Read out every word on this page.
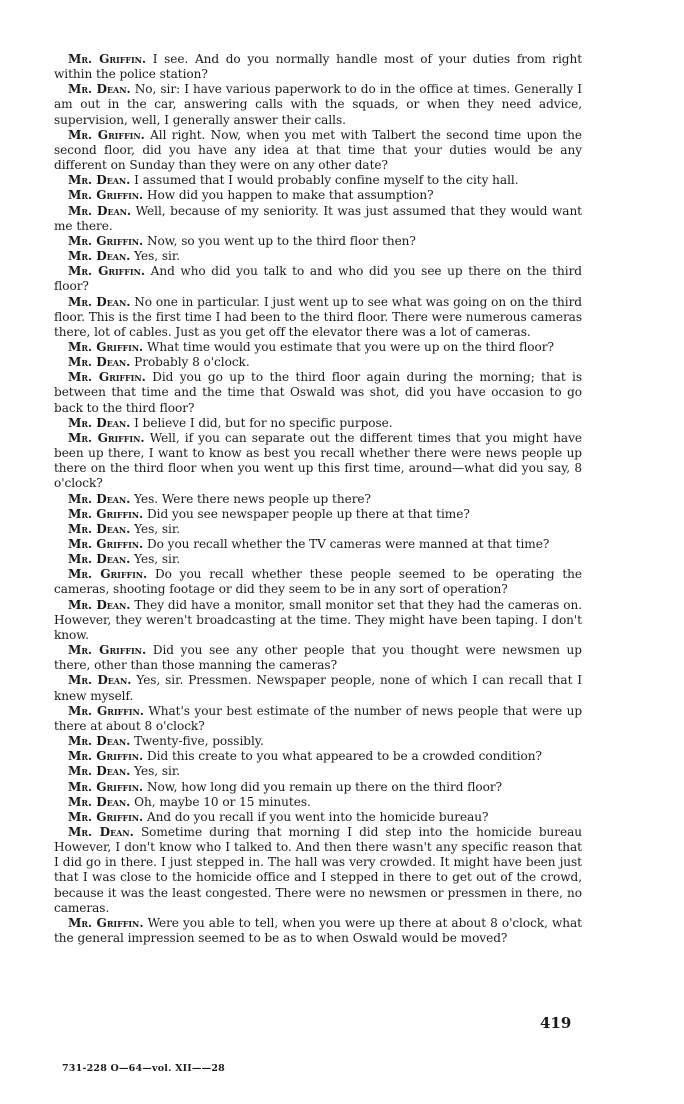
Mr. Griffin. I see. And do you normally handle most of your duties from right within the police station?

Mr. Dean. No, sir: I have various paperwork to do in the office at times. Generally I am out in the car, answering calls with the squads, or when they need advice, supervision, well, I generally answer their calls.

Mr. Griffin. All right. Now, when you met with Talbert the second time upon the second floor, did you have any idea at that time that your duties would be any different on Sunday than they were on any other date?

Mr. Dean. I assumed that I would probably confine myself to the city hall.

Mr. Griffin. How did you happen to make that assumption?

Mr. Dean. Well, because of my seniority. It was just assumed that they would want me there.

Mr. Griffin. Now, so you went up to the third floor then?

Mr. Dean. Yes, sir.

Mr. Griffin. And who did you talk to and who did you see up there on the third floor?

Mr. Dean. No one in particular. I just went up to see what was going on on the third floor. This is the first time I had been to the third floor. There were numerous cameras there, lot of cables. Just as you get off the elevator there was a lot of cameras.

Mr. Griffin. What time would you estimate that you were up on the third floor?

Mr. Dean. Probably 8 o'clock.

Mr. Griffin. Did you go up to the third floor again during the morning; that is between that time and the time that Oswald was shot, did you have occasion to go back to the third floor?

Mr. Dean. I believe I did, but for no specific purpose.

Mr. Griffin. Well, if you can separate out the different times that you might have been up there, I want to know as best you recall whether there were news people up there on the third floor when you went up this first time, around—what did you say, 8 o'clock?

Mr. Dean. Yes. Were there news people up there?

Mr. Griffin. Did you see newspaper people up there at that time?

Mr. Dean. Yes, sir.

Mr. Griffin. Do you recall whether the TV cameras were manned at that time?

Mr. Dean. Yes, sir.

Mr. Griffin. Do you recall whether these people seemed to be operating the cameras, shooting footage or did they seem to be in any sort of operation?

Mr. Dean. They did have a monitor, small monitor set that they had the cameras on. However, they weren't broadcasting at the time. They might have been taping. I don't know.

Mr. Griffin. Did you see any other people that you thought were newsmen up there, other than those manning the cameras?

Mr. Dean. Yes, sir. Pressmen. Newspaper people, none of which I can recall that I knew myself.

Mr. Griffin. What's your best estimate of the number of news people that were up there at about 8 o'clock?

Mr. Dean. Twenty-five, possibly.

Mr. Griffin. Did this create to you what appeared to be a crowded condition?

Mr. Dean. Yes, sir.

Mr. Griffin. Now, how long did you remain up there on the third floor?

Mr. Dean. Oh, maybe 10 or 15 minutes.

Mr. Griffin. And do you recall if you went into the homicide bureau?

Mr. Dean. Sometime during that morning I did step into the homicide bureau However, I don't know who I talked to. And then there wasn't any specific reason that I did go in there. I just stepped in. The hall was very crowded. It might have been just that I was close to the homicide office and I stepped in there to get out of the crowd, because it was the least congested. There were no newsmen or pressmen in there, no cameras.

Mr. Griffin. Were you able to tell, when you were up there at about 8 o'clock, what the general impression seemed to be as to when Oswald would be moved?

419
731-228 O—64—vol. XII——28
